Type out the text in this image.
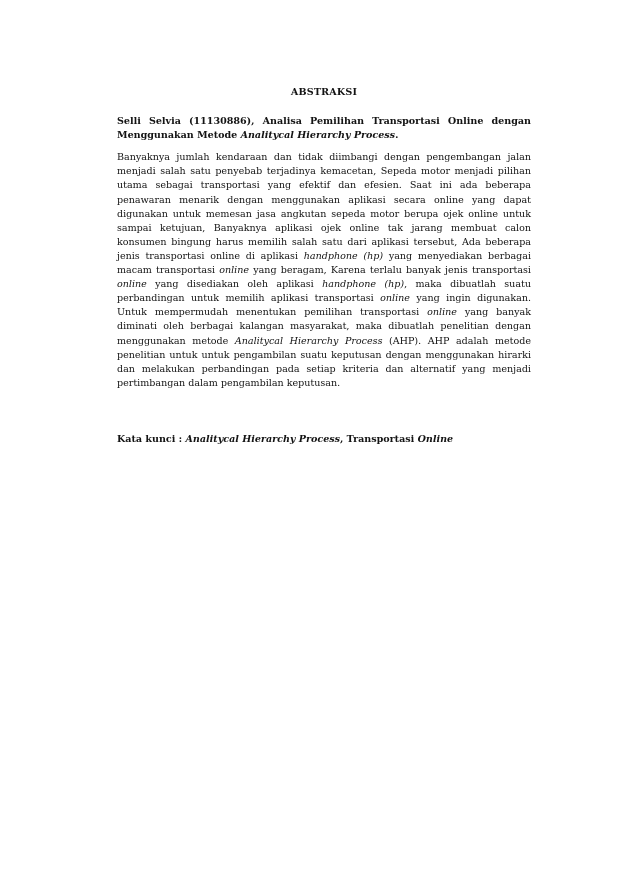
ABSTRAKSI

Selli Selvia (11130886), Analisa Pemilihan Transportasi Online dengan Menggunakan Metode Analitycal Hierarchy Process.

Banyaknya jumlah kendaraan dan tidak diimbangi dengan pengembangan jalan menjadi salah satu penyebab terjadinya kemacetan, Sepeda motor menjadi pilihan utama sebagai transportasi yang efektif dan efesien. Saat ini ada beberapa penawaran menarik dengan menggunakan aplikasi secara online yang dapat digunakan untuk memesan jasa angkutan sepeda motor berupa ojek online untuk sampai ketujuan, Banyaknya aplikasi ojek online tak jarang membuat calon konsumen bingung harus memilih salah satu dari aplikasi tersebut, Ada beberapa jenis transportasi online di aplikasi handphone (hp) yang menyediakan berbagai macam transportasi online yang beragam, Karena terlalu banyak jenis transportasi online yang disediakan oleh aplikasi handphone (hp), maka dibuatlah suatu perbandingan untuk memilih aplikasi transportasi online yang ingin digunakan. Untuk mempermudah menentukan pemilihan transportasi online yang banyak diminati oleh berbagai kalangan masyarakat, maka dibuatlah penelitian dengan menggunakan metode Analitycal Hierarchy Process (AHP). AHP adalah metode penelitian untuk untuk pengambilan suatu keputusan dengan menggunakan hirarki dan melakukan perbandingan pada setiap kriteria dan alternatif yang menjadi pertimbangan dalam pengambilan keputusan.

Kata kunci : Analitycal Hierarchy Process, Transportasi Online
